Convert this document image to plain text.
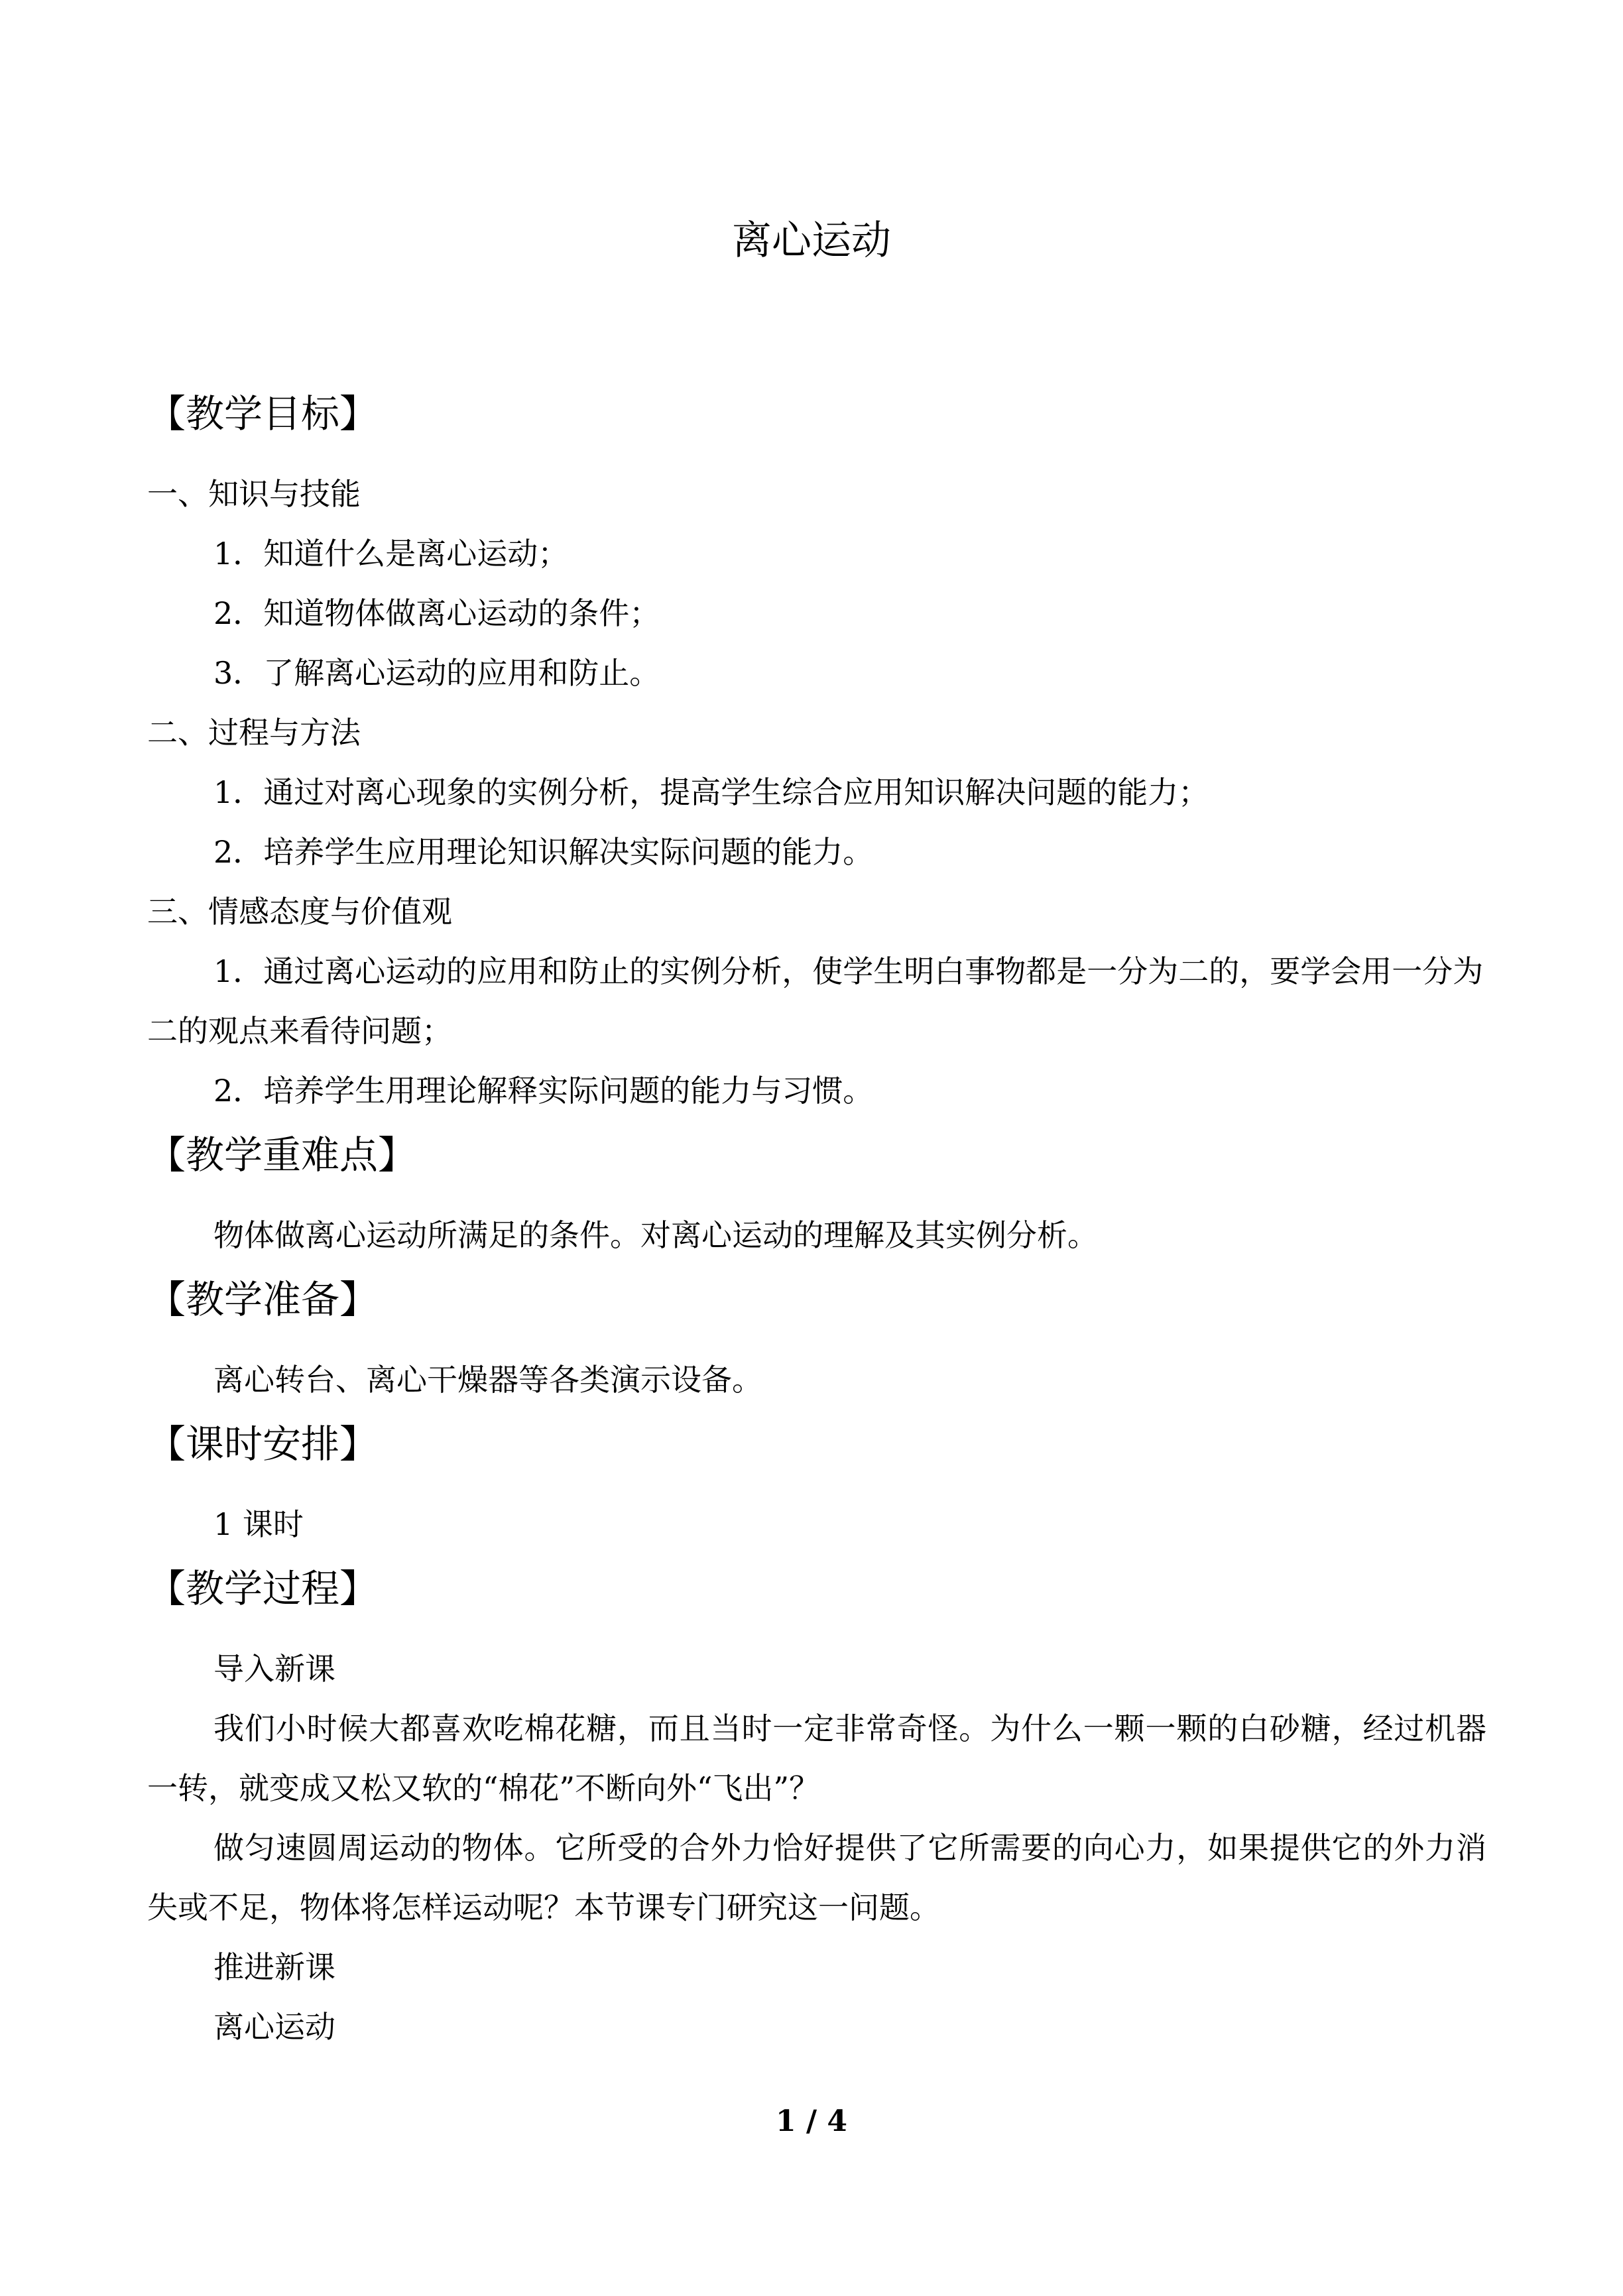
离心运动

【教学目标】

一、知识与技能

1．知道什么是离心运动；

2．知道物体做离心运动的条件；

3．了解离心运动的应用和防止。

二、过程与方法

1．通过对离心现象的实例分析，提高学生综合应用知识解决问题的能力；

2．培养学生应用理论知识解决实际问题的能力。

三、情感态度与价值观

1．通过离心运动的应用和防止的实例分析，使学生明白事物都是一分为二的，要学会用一分为二的观点来看待问题；

2．培养学生用理论解释实际问题的能力与习惯。

【教学重难点】

物体做离心运动所满足的条件。对离心运动的理解及其实例分析。

【教学准备】

离心转台、离心干燥器等各类演示设备。

【课时安排】

1 课时

【教学过程】

导入新课

我们小时候大都喜欢吃棉花糖，而且当时一定非常奇怪。为什么一颗一颗的白砂糖，经过机器一转，就变成又松又软的“棉花”不断向外“飞出”？

做匀速圆周运动的物体。它所受的合外力恰好提供了它所需要的向心力，如果提供它的外力消失或不足，物体将怎样运动呢？本节课专门研究这一问题。

推进新课

离心运动

1 / 4
